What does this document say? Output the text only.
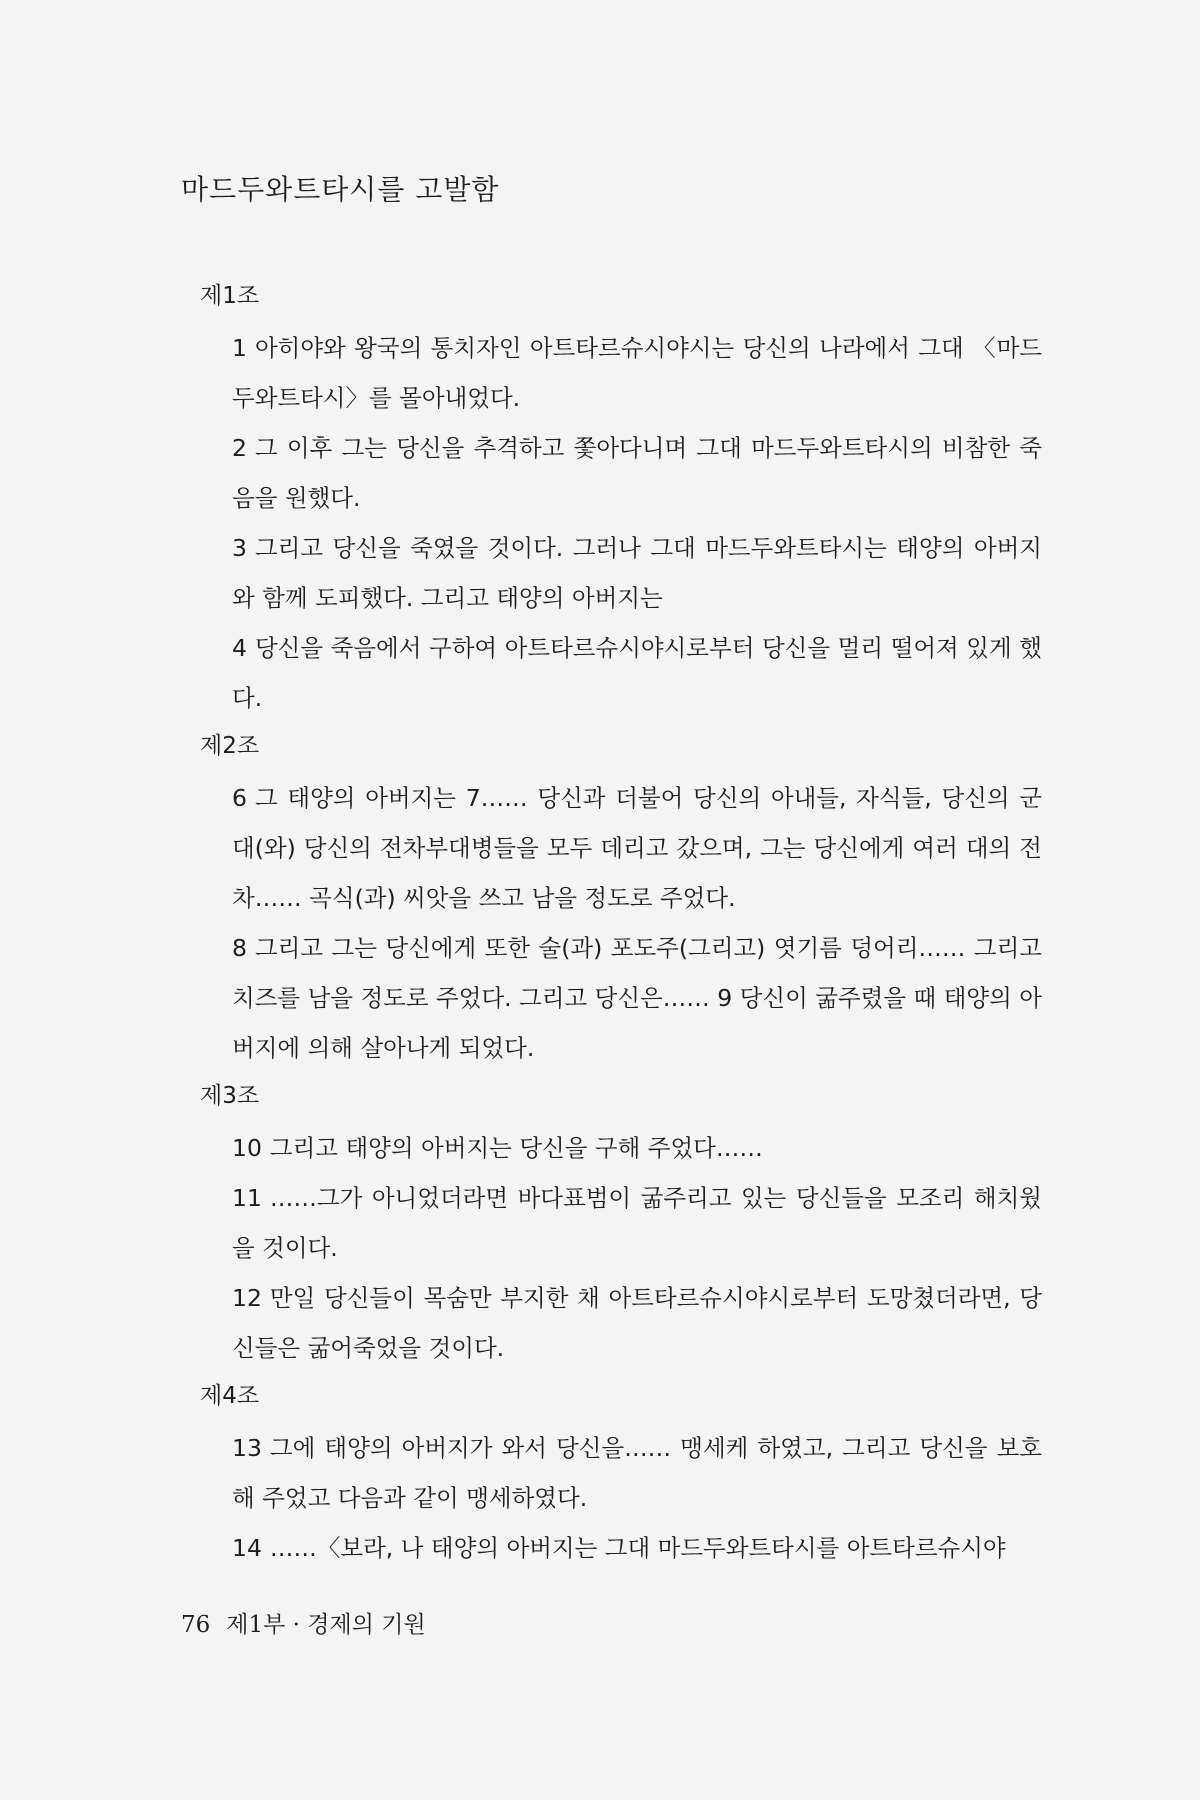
마드두와트타시를 고발함
제1조
1 아히야와 왕국의 통치자인 아트타르슈시야시는 당신의 나라에서 그대 〈마드두와트타시〉를 몰아내었다.
2 그 이후 그는 당신을 추격하고 쫓아다니며 그대 마드두와트타시의 비참한 죽음을 원했다.
3 그리고 당신을 죽였을 것이다. 그러나 그대 마드두와트타시는 태양의 아버지와 함께 도피했다. 그리고 태양의 아버지는
4 당신을 죽음에서 구하여 아트타르슈시야시로부터 당신을 멀리 떨어져 있게 했다.
제2조
6 그 태양의 아버지는 7…… 당신과 더불어 당신의 아내들, 자식들, 당신의 군대(와) 당신의 전차부대병들을 모두 데리고 갔으며, 그는 당신에게 여러 대의 전차…… 곡식(과) 씨앗을 쓰고 남을 정도로 주었다.
8 그리고 그는 당신에게 또한 술(과) 포도주(그리고) 엿기름 덩어리…… 그리고 치즈를 남을 정도로 주었다. 그리고 당신은…… 9 당신이 굶주렸을 때 태양의 아버지에 의해 살아나게 되었다.
제3조
10 그리고 태양의 아버지는 당신을 구해 주었다……
11 ……그가 아니었더라면 바다표범이 굶주리고 있는 당신들을 모조리 해치웠을 것이다.
12 만일 당신들이 목숨만 부지한 채 아트타르슈시야시로부터 도망쳤더라면, 당신들은 굶어죽었을 것이다.
제4조
13 그에 태양의 아버지가 와서 당신을…… 맹세케 하였고, 그리고 당신을 보호해 주었고 다음과 같이 맹세하였다.
14 ……〈보라, 나 태양의 아버지는 그대 마드두와트타시를 아트타르슈시야
76 제1부 · 경제의 기원
